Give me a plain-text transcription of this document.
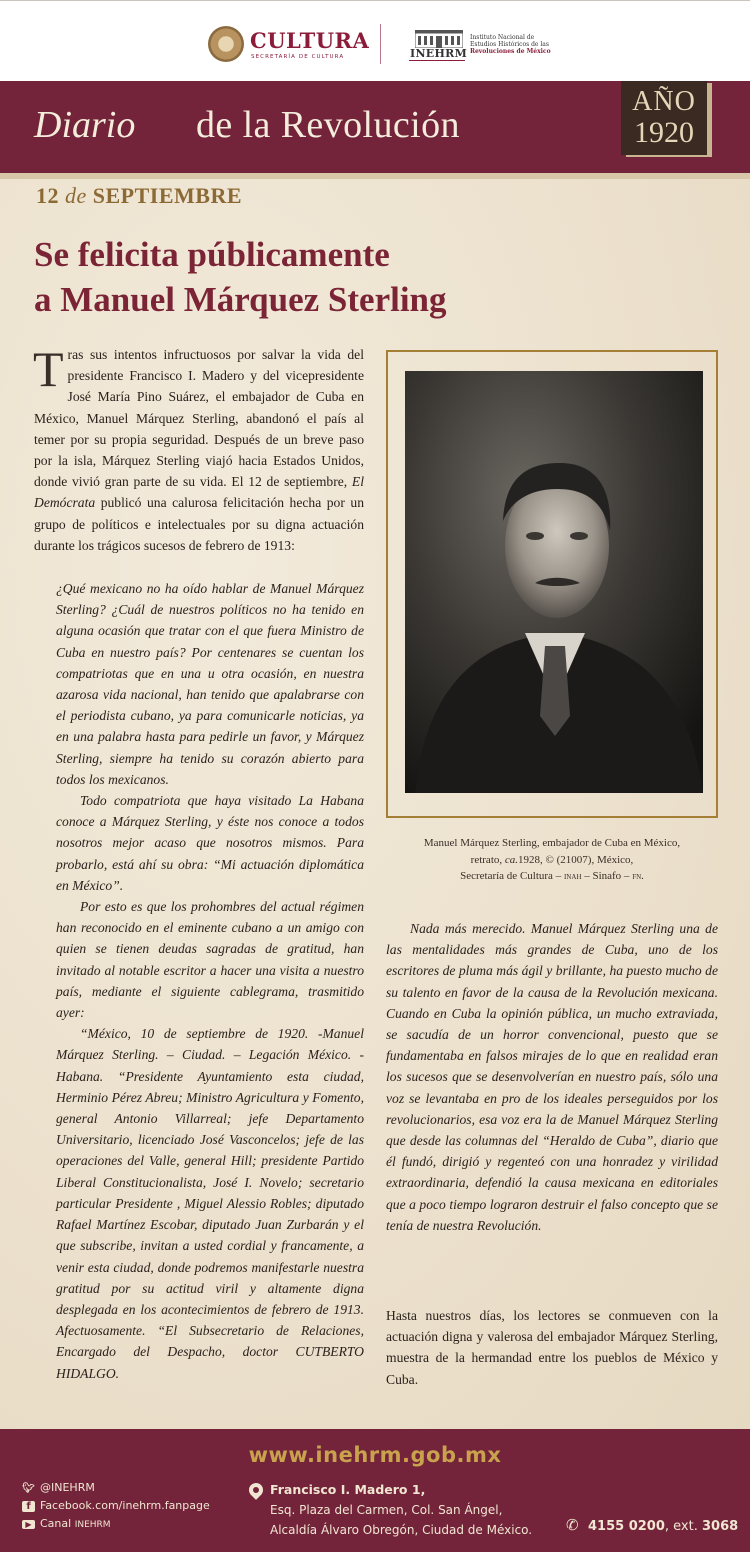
CULTURA
SECRETARÍA DE CULTURA	INEHRM
Instituto Nacional de
Estudios Históricos de las
Revoluciones de México
Diario de la Revolución
AÑO
1920
12 de SEPTIEMBRE
Se felicita públicamente
a Manuel Márquez Sterling
Tras sus intentos infructuosos por salvar la vida del presidente Francisco I. Madero y del vicepresidente José María Pino Suárez, el embajador de Cuba en México, Manuel Márquez Sterling, abandonó el país al temer por su propia seguridad. Después de un breve paso por la isla, Márquez Sterling viajó hacia Estados Unidos, donde vivió gran parte de su vida. El 12 de septiembre, El Demócrata publicó una calurosa felicitación hecha por un grupo de políticos e intelectuales por su digna actuación durante los trágicos sucesos de febrero de 1913:

¿Qué mexicano no ha oído hablar de Manuel Márquez Sterling? ¿Cuál de nuestros políticos no ha tenido en alguna ocasión que tratar con el que fuera Ministro de Cuba en nuestro país? Por centenares se cuentan los compatriotas que en una u otra ocasión, en nuestra azarosa vida nacional, han tenido que apalabrarse con el periodista cubano, ya para comunicarle noticias, ya en una palabra hasta para pedirle un favor, y Márquez Sterling, siempre ha tenido su corazón abierto para todos los mexicanos.

Todo compatriota que haya visitado La Habana conoce a Márquez Sterling, y éste nos conoce a todos nosotros mejor acaso que nosotros mismos. Para probarlo, está ahí su obra: “Mi actuación diplomática en México”.

Por esto es que los prohombres del actual régimen han reconocido en el eminente cubano a un amigo con quien se tienen deudas sagradas de gratitud, han invitado al notable escritor a hacer una visita a nuestro país, mediante el siguiente cablegrama, trasmitido ayer:

“México, 10 de septiembre de 1920. -Manuel Márquez Sterling. – Ciudad. – Legación México. -Habana. “Presidente Ayuntamiento esta ciudad, Herminio Pérez Abreu; Ministro Agricultura y Fomento, general Antonio Villarreal; jefe Departamento Universitario, licenciado José Vasconcelos; jefe de las operaciones del Valle, general Hill; presidente Partido Liberal Constitucionalista, José I. Novelo; secretario particular Presidente , Miguel Alessio Robles; diputado Rafael Martínez Escobar, diputado Juan Zurbarán y el que subscribe, invitan a usted cordial y francamente, a venir esta ciudad, donde podremos manifestarle nuestra gratitud por su actitud viril y altamente digna desplegada en los acontecimientos de febrero de 1913. Afectuosamente. “El Subsecretario de Relaciones, Encargado del Despacho, doctor CUTBERTO HIDALGO.

Manuel Márquez Sterling, embajador de Cuba en México,
retrato, ca.1928, © (21007), México,
Secretaría de Cultura – inah – Sinafo – fn.

Nada más merecido. Manuel Márquez Sterling una de las mentalidades más grandes de Cuba, uno de los escritores de pluma más ágil y brillante, ha puesto mucho de su talento en favor de la causa de la Revolución mexicana. Cuando en Cuba la opinión pública, un mucho extraviada, se sacudía de un horror convencional, puesto que se fundamentaba en falsos mirajes de lo que en realidad eran los sucesos que se desenvolverían en nuestro país, sólo una voz se levantaba en pro de los ideales perseguidos por los revolucionarios, esa voz era la de Manuel Márquez Sterling que desde las columnas del “Heraldo de Cuba”, diario que él fundó, dirigió y regenteó con una honradez y virilidad extraordinaria, defendió la causa mexicana en editoriales que a poco tiempo lograron destruir el falso concepto que se tenía de nuestra Revolución.

Hasta nuestros días, los lectores se conmueven con la actuación digna y valerosa del embajador Márquez Sterling, muestra de la hermandad entre los pueblos de México y Cuba.
www.inehrm.gob.mx
🐦︎ @INEHRM
f Facebook.com/inehrm.fanpage
▶ Canal INEHRM
Francisco I. Madero 1,
Esq. Plaza del Carmen, Col. San Ángel,
Alcaldía Álvaro Obregón, Ciudad de México. ✆ 4155 0200, ext. 3068
